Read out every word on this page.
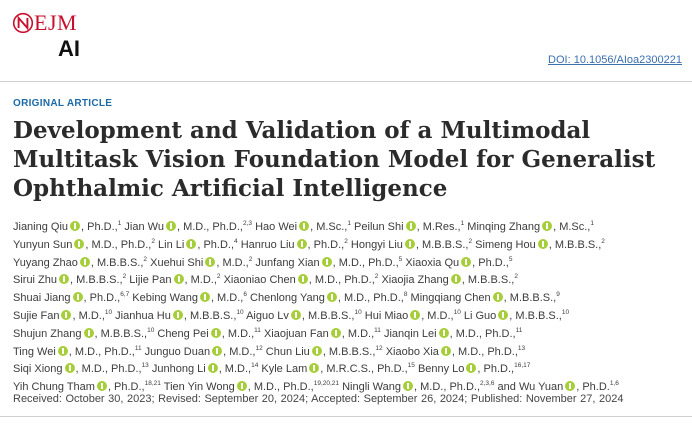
EJM
AI	DOI: 10.1056/AIoa2300221
ORIGINAL ARTICLE
Development and Validation of a Multimodal Multitask Vision Foundation Model for Generalist Ophthalmic Artificial Intelligence
Jianing Qiu , Ph.D.,$^1$ Jian Wu , M.D., Ph.D.,$^{2,3}$ Hao Wei , M.Sc.,$^1$ Peilun Shi , M.Res.,$^1$ Minqing Zhang , M.Sc.,$^1$
Yunyun Sun , M.D., Ph.D.,$^2$ Lin Li , Ph.D.,$^4$ Hanruo Liu , Ph.D.,$^2$ Hongyi Liu , M.B.B.S.,$^2$ Simeng Hou , M.B.B.S.,$^2$
Yuyang Zhao , M.B.B.S.,$^2$ Xuehui Shi , M.D.,$^2$ Junfang Xian , M.D., Ph.D.,$^5$ Xiaoxia Qu , Ph.D.,$^5$
Sirui Zhu , M.B.B.S.,$^2$ Lijie Pan , M.D.,$^2$ Xiaoniao Chen , M.D., Ph.D.,$^2$ Xiaojia Zhang , M.B.B.S.,$^2$
Shuai Jiang , Ph.D.,$^{6,7}$ Kebing Wang , M.D.,$^6$ Chenlong Yang , M.D., Ph.D.,$^8$ Mingqiang Chen , M.B.B.S.,$^9$
Sujie Fan , M.D.,$^{10}$ Jianhua Hu , M.B.B.S.,$^{10}$ Aiguo Lv , M.B.B.S.,$^{10}$ Hui Miao , M.D.,$^{10}$ Li Guo , M.B.B.S.,$^{10}$
Shujun Zhang , M.B.B.S.,$^{10}$ Cheng Pei , M.D.,$^{11}$ Xiaojuan Fan , M.D.,$^{11}$ Jianqin Lei , M.D., Ph.D.,$^{11}$
Ting Wei , M.D., Ph.D.,$^{11}$ Junguo Duan , M.D.,$^{12}$ Chun Liu , M.B.B.S.,$^{12}$ Xiaobo Xia , M.D., Ph.D.,$^{13}$
Siqi Xiong , M.D., Ph.D.,$^{13}$ Junhong Li , M.D.,$^{14}$ Kyle Lam , M.R.C.S., Ph.D.,$^{15}$ Benny Lo , Ph.D.,$^{16,17}$
Yih Chung Tham , Ph.D.,$^{18,21}$ Tien Yin Wong , M.D., Ph.D.,$^{19,20,21}$ Ningli Wang , M.D., Ph.D.,$^{2,3,6}$ and Wu Yuan , Ph.D.$^{1,6}$
Received: October 30, 2023; Revised: September 20, 2024; Accepted: September 26, 2024; Published: November 27, 2024
